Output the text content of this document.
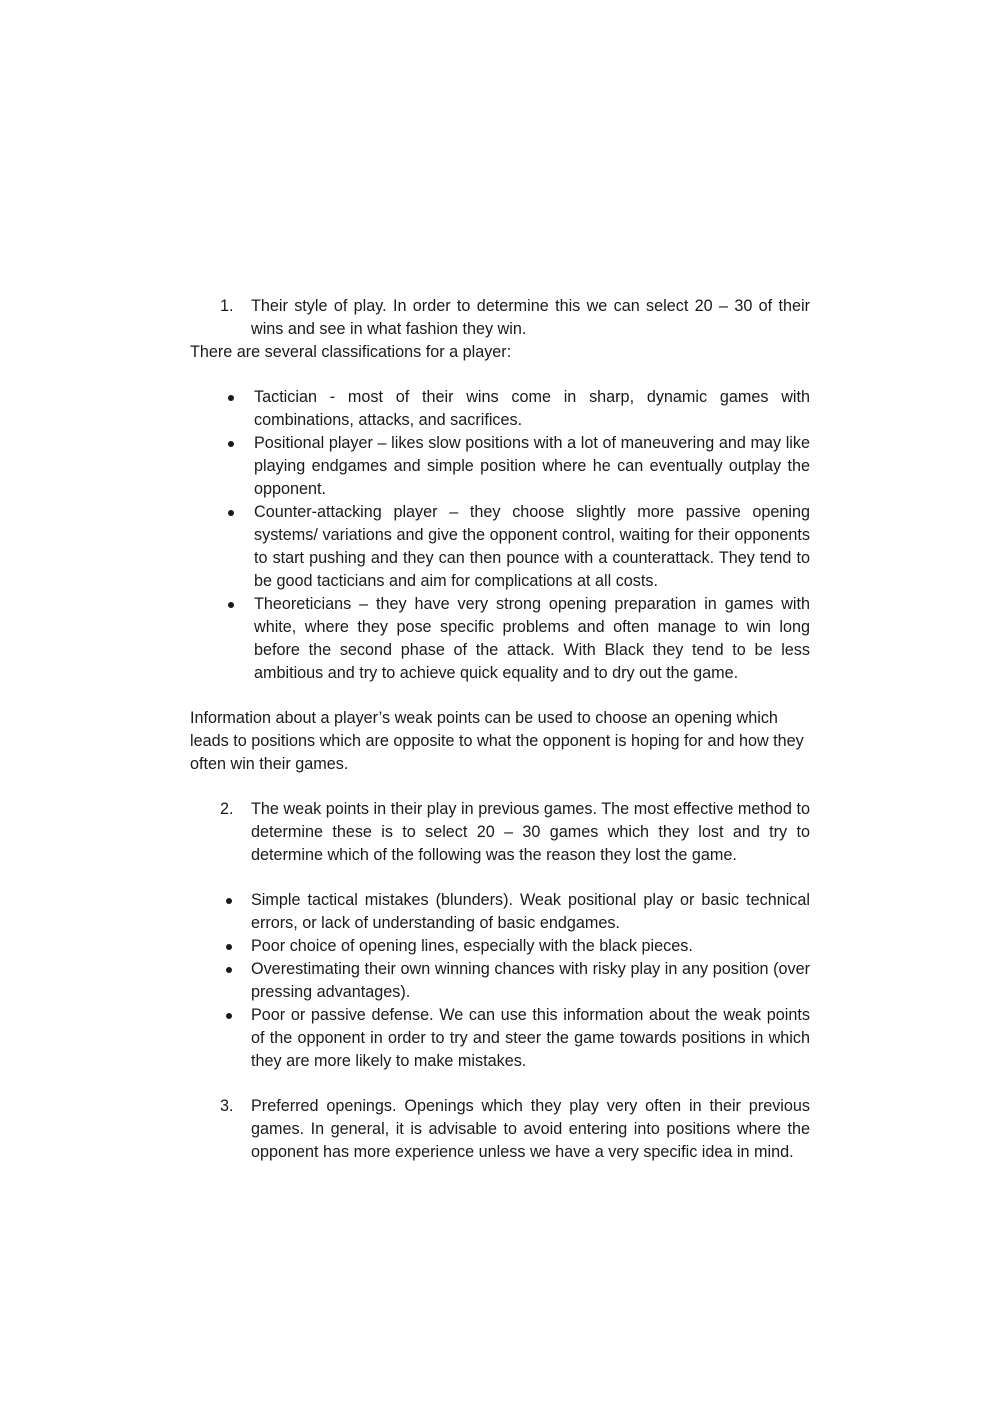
1. Their style of play. In order to determine this we can select 20 – 30 of their wins and see in what fashion they win.
There are several classifications for a player:
Tactician - most of their wins come in sharp, dynamic games with combinations, attacks, and sacrifices.
Positional player – likes slow positions with a lot of maneuvering and may like playing endgames and simple position where he can eventually outplay the opponent.
Counter-attacking player – they choose slightly more passive opening systems/ variations and give the opponent control, waiting for their opponents to start pushing and they can then pounce with a counterattack. They tend to be good tacticians and aim for complications at all costs.
Theoreticians – they have very strong opening preparation in games with white, where they pose specific problems and often manage to win long before the second phase of the attack. With Black they tend to be less ambitious and try to achieve quick equality and to dry out the game.
Information about a player’s weak points can be used to choose an opening which leads to positions which are opposite to what the opponent is hoping for and how they often win their games.
2. The weak points in their play in previous games. The most effective method to determine these is to select 20 – 30 games which they lost and try to determine which of the following was the reason they lost the game.
Simple tactical mistakes (blunders). Weak positional play or basic technical errors, or lack of understanding of basic endgames.
Poor choice of opening lines, especially with the black pieces.
Overestimating their own winning chances with risky play in any position (over pressing advantages).
Poor or passive defense. We can use this information about the weak points of the opponent in order to try and steer the game towards positions in which they are more likely to make mistakes.
3. Preferred openings. Openings which they play very often in their previous games. In general, it is advisable to avoid entering into positions where the opponent has more experience unless we have a very specific idea in mind.
